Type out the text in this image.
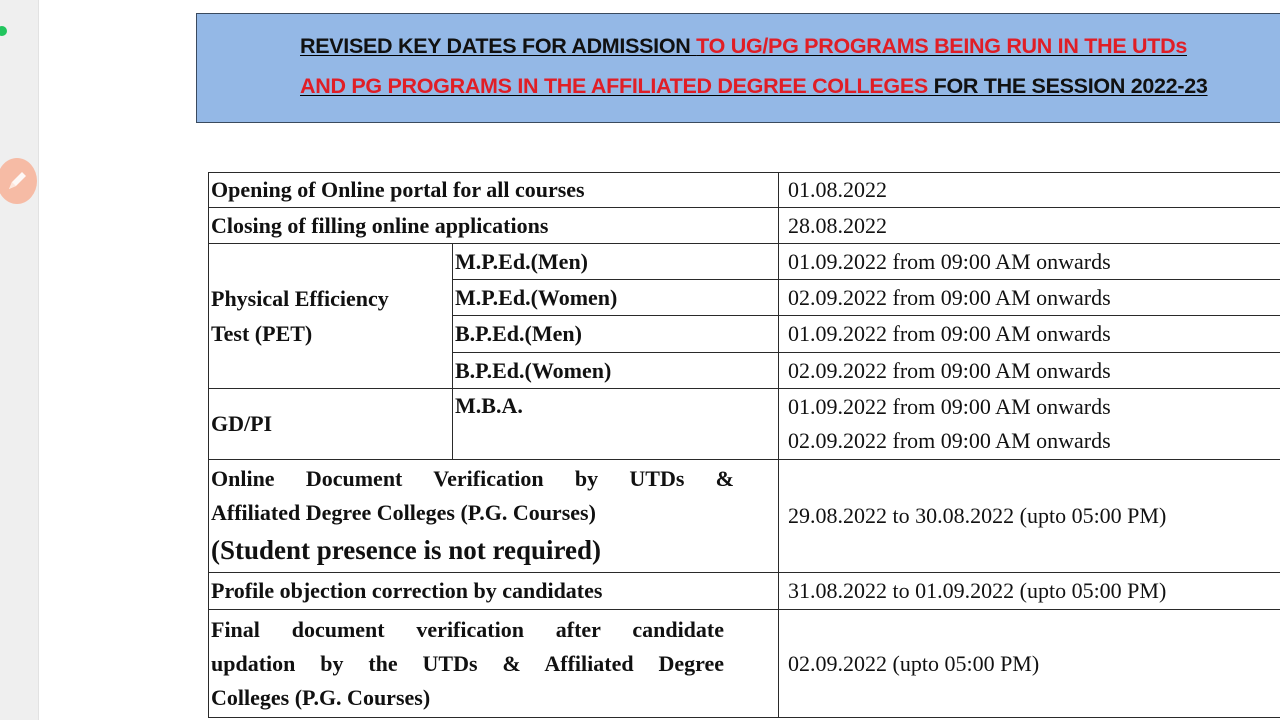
REVISED KEY DATES FOR ADMISSION TO UG/PG PROGRAMS BEING RUN IN THE UTDs
AND PG PROGRAMS IN THE AFFILIATED DEGREE COLLEGES FOR THE SESSION 2022-23
Opening of Online portal for all courses		01.08.2022
Closing of filling online applications		28.08.2022
Physical Efficiency Test (PET)	M.P.Ed.(Men)	01.09.2022 from 09:00 AM onwards
	M.P.Ed.(Women)	02.09.2022 from 09:00 AM onwards
	B.P.Ed.(Men)	01.09.2022 from 09:00 AM onwards
	B.P.Ed.(Women)	02.09.2022 from 09:00 AM onwards
GD/PI	M.B.A.	01.09.2022 from 09:00 AM onwards
02.09.2022 from 09:00 AM onwards

Online Document Verification by UTDs &
Affiliated Degree Colleges (P.G. Courses)
(Student presence is not required)		29.08.2022 to 30.08.2022 (upto 05:00 PM)
Profile objection correction by candidates		31.08.2022 to 01.09.2022 (upto 05:00 PM)

Final document verification after candidate
updation by the UTDs & Affiliated Degree
Colleges (P.G. Courses)		02.09.2022 (upto 05:00 PM)
